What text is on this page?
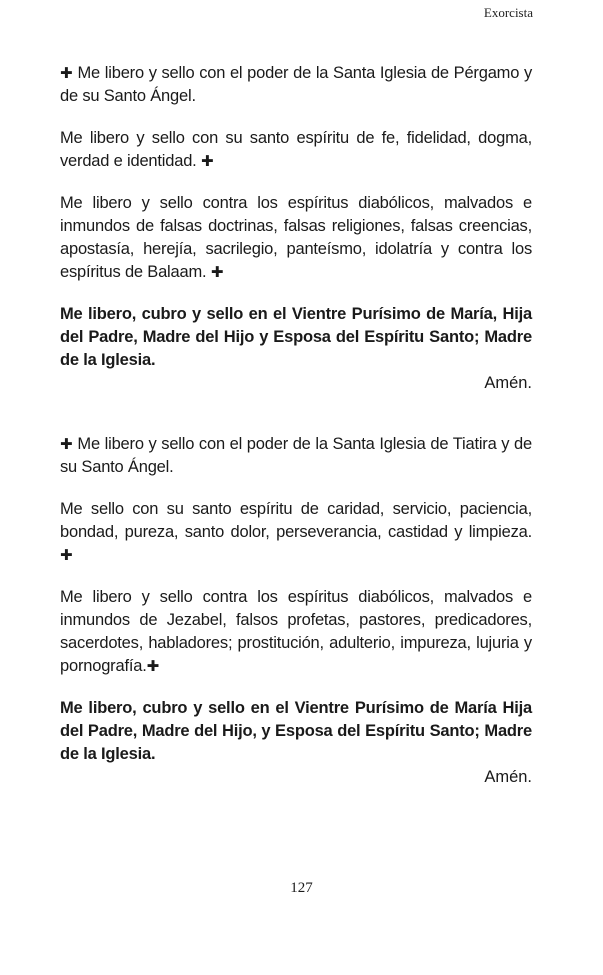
Exorcista

✚ Me libero y sello con el poder de la Santa Iglesia de Pérgamo y de su Santo Ángel.

Me libero y sello con su santo espíritu de fe, fidelidad, dogma, verdad e identidad. ✚

Me libero y sello contra los espíritus diabólicos, malvados e inmundos de falsas doctrinas, falsas religiones, falsas creencias, apostasía, herejía, sacrilegio, panteísmo, idolatría y contra los espíritus de Balaam. ✚

Me libero, cubro y sello en el Vientre Purísimo de María, Hija del Padre, Madre del Hijo y Esposa del Espíritu Santo; Madre de la Iglesia.

Amén.

✚ Me libero y sello con el poder de la Santa Iglesia de Tiatira y de su Santo Ángel.

Me sello con su santo espíritu de caridad, servicio, paciencia, bondad, pureza, santo dolor, perseverancia, castidad y limpieza. ✚

Me libero y sello contra los espíritus diabólicos, malvados e inmundos de Jezabel, falsos profetas, pastores, predicadores, sacerdotes, habladores; prostitución, adulterio, impureza, lujuria y pornografía.✚

Me libero, cubro y sello en el Vientre Purísimo de María Hija del Padre, Madre del Hijo, y Esposa del Espíritu Santo; Madre de la Iglesia.

Amén.

127
